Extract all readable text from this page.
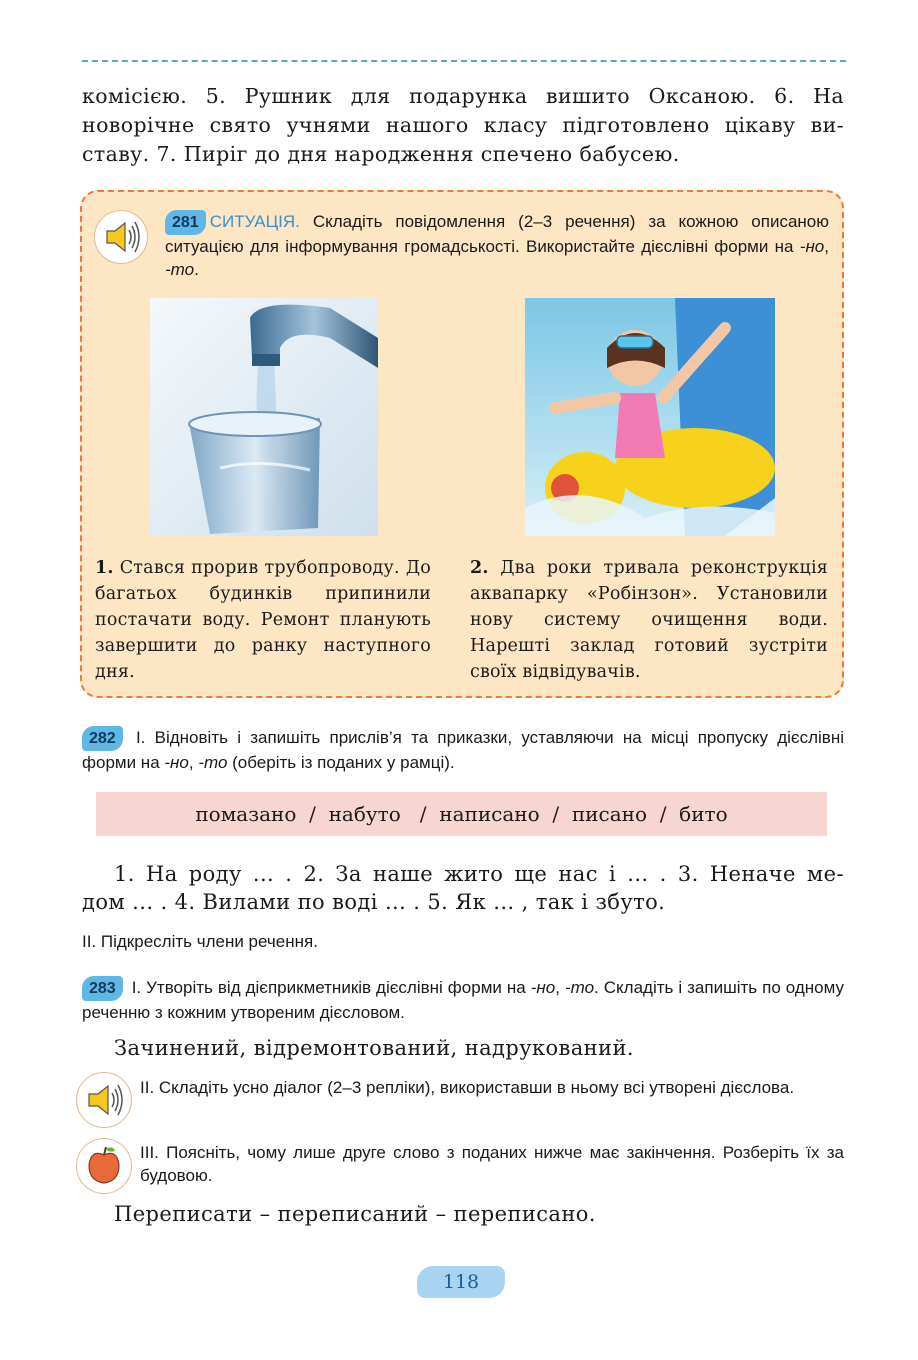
комісією. 5. Рушник для подарунка вишито Оксаною. 6. На
новорічне свято учнями нашого класу підготовлено цікаву ви-
ставу. 7. Пиріг до дня народження спечено бабусею.
281 СИТУАЦІЯ. Складіть повідомлення (2–3 речення) за кожною описаною ситуацією для інформування громадськості. Використайте дієслівні форми на -но, -то.
1. Стався прорив трубопроводу. До багатьох будинків припинили постачати воду. Ремонт планують завершити до ранку наступного дня.
2. Два роки тривала реконструкція аквапарку «Робінзон». Установили нову систему очищення води. Нарешті заклад готовий зустріти своїх відвідувачів.
282 І. Відновіть і запишіть прислів’я та приказки, уставляючи на місці пропуску дієслівні форми на -но, -то (оберіть із поданих у рамці).
помазано  /  набуто   /  написано  /  писано  /  бито
1. На роду ... . 2. За наше жито ще нас і ... . 3. Неначе ме-
дом ... . 4. Вилами по воді ... . 5. Як ... , так і збуто.
ІІ. Підкресліть члени речення.
283 І. Утворіть від дієприкметників дієслівні форми на -но, -то. Складіть і запишіть по одному реченню з кожним утвореним дієсловом.
Зачинений, відремонтований, надрукований.
ІІ. Складіть усно діалог (2–3 репліки), використавши в ньому всі утворені дієслова.
ІІІ. Поясніть, чому лише друге слово з поданих нижче має закінчення. Розберіть їх за будовою.
Переписати – переписаний – переписано.
118
